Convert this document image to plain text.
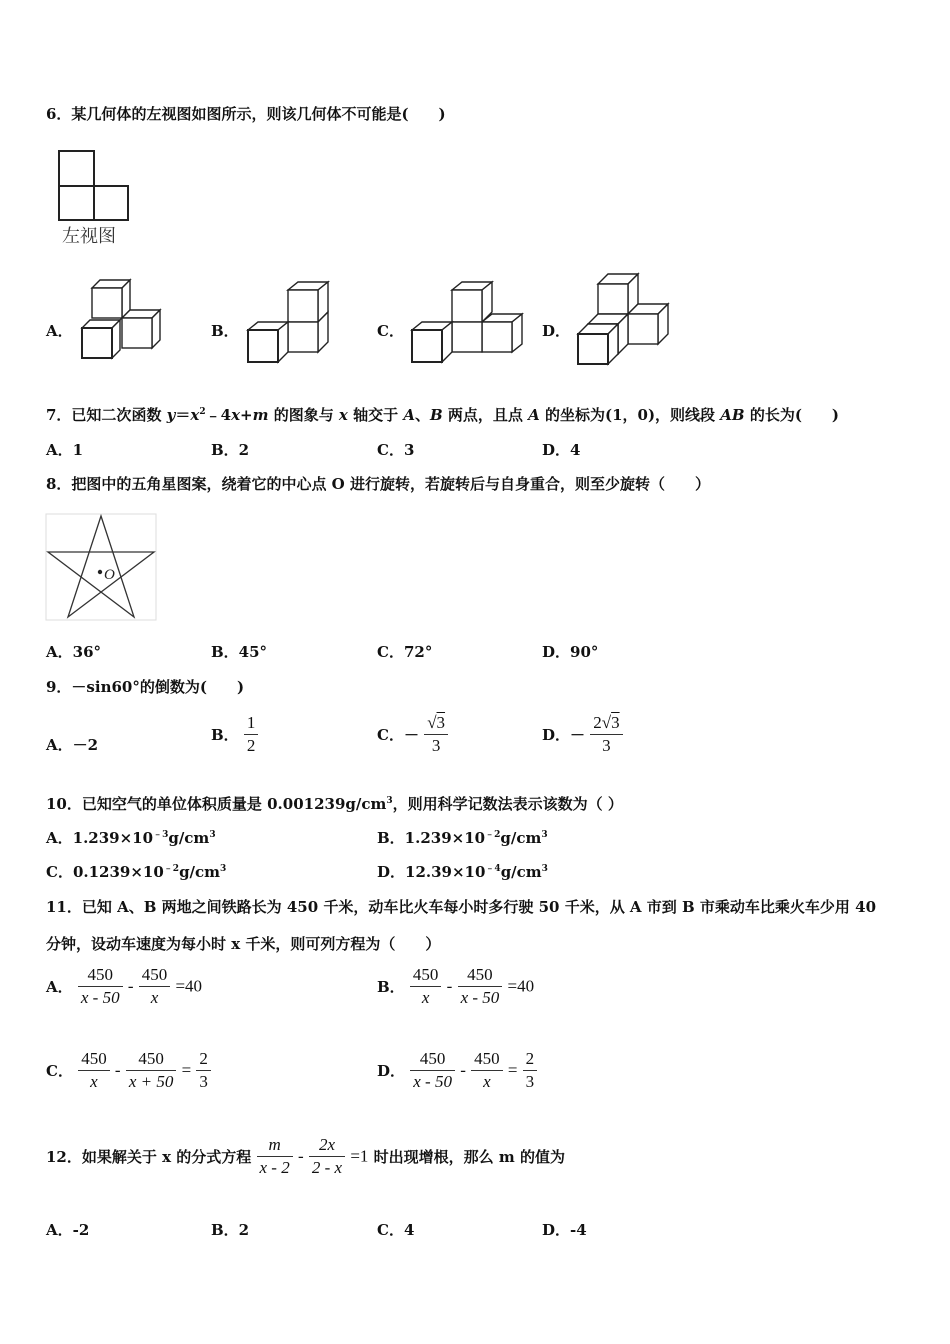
6．某几何体的左视图如图所示，则该几何体不可能是(　　)
左视图
A．	B．	C．	D．
7．已知二次函数 $y=x^2﹣4x+m$ 的图象与 x 轴交于 A、B 两点，且点 A 的坐标为(1，0)，则线段 AB 的长为(　　)
A．1	B．2	C．3	D．4
8．把图中的五角星图案，绕着它的中心点 O 进行旋转，若旋转后与自身重合，则至少旋转（　　）
O
A．36°	B．45°	C．72°	D．90°
9．－sin60°的倒数为(　　)
A．－2
B． $\frac{1}{2}$	C．－ $\frac{√3}{3}$	D．－ $\frac{2√3}{3}$
10．已知空气的单位体积质量是 $0.001239g/cm^3$，则用科学记数法表示该数为（ ）
A．$1.239\times 10^{﹣3}g/cm^3$	B．$1.239\times 10^{﹣2}g/cm^3$
C．$0.1239\times 10^{﹣2}g/cm^3$	D．$12.39\times 10^{﹣4}g/cm^3$
11．已知 A、B 两地之间铁路长为 450 千米，动车比火车每小时多行驶 50 千米，从 A 市到 B 市乘动车比乘火车少用 40
分钟，设动车速度为每小时 x 千米，则可列方程为（　　）
A． $\frac{450}{x - 50} - \frac{450}{x} =40$	B． $\frac{450}{x} - \frac{450}{x - 50} =40$
C． $\frac{450}{x} - \frac{450}{x + 50} = \frac{2}{3}$	D． $\frac{450}{x - 50} - \frac{450}{x} = \frac{2}{3}$
12．如果解关于 x 的分式方程 $\frac{m}{x - 2} - \frac{2x}{2 - x} =1$ 时出现增根，那么 m 的值为
A．-2	B．2	C．4	D．-4
